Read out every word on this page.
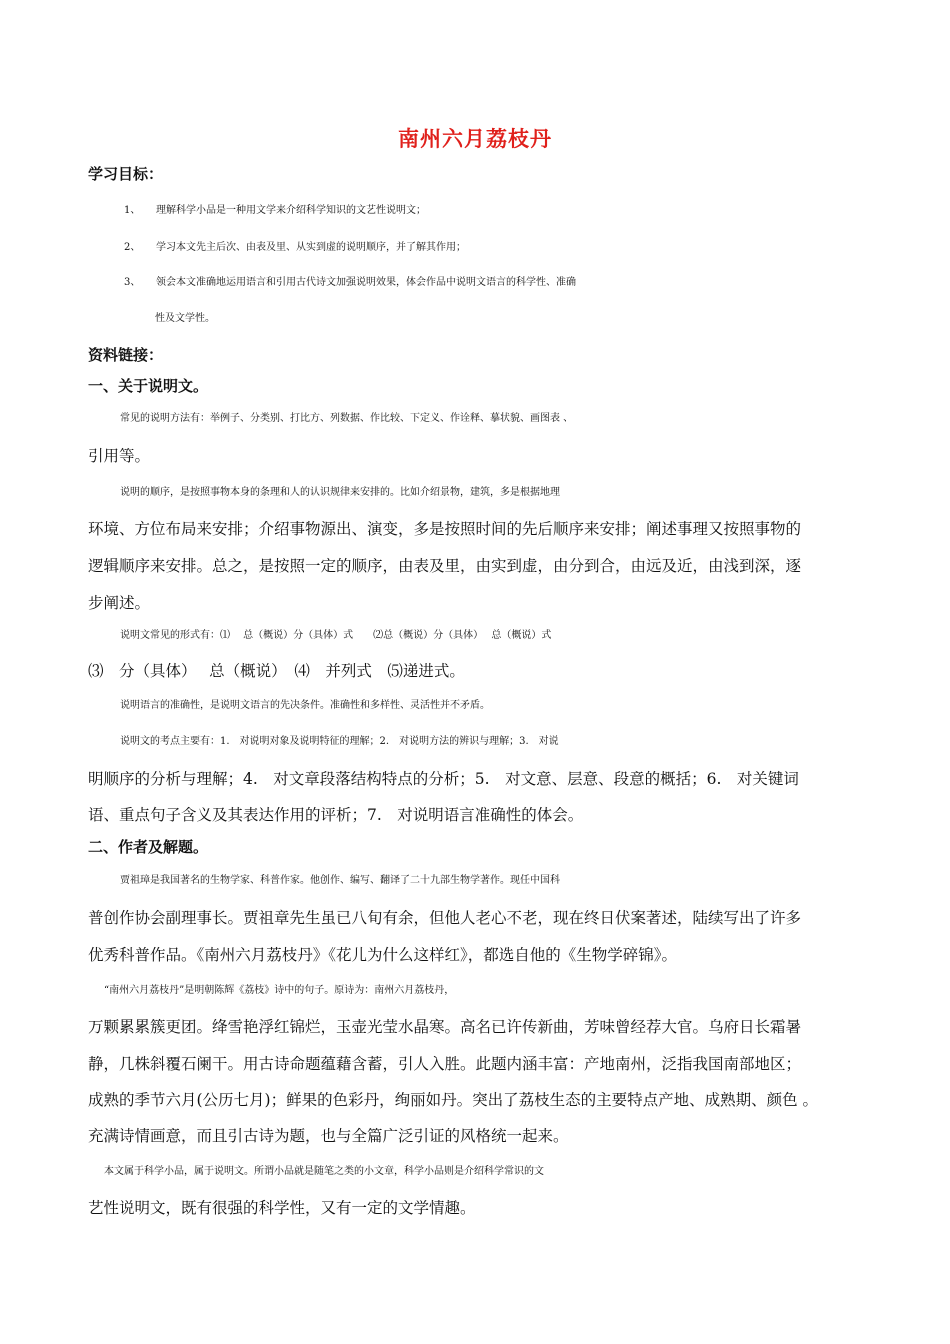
南州六月荔枝丹
学习目标：
1、 理解科学小品是一种用文学来介绍科学知识的文艺性说明文；
2、 学习本文先主后次、由表及里、从实到虚的说明顺序，并了解其作用；
3、 领会本文准确地运用语言和引用古代诗文加强说明效果，体会作品中说明文语言的科学性、准确
性及文学性。
资料链接：
一、关于说明文。
常见的说明方法有：举例子、分类别、打比方、列数据、作比较、下定义、作诠释、摹状貌、画图表 、
引用等。
说明的顺序，是按照事物本身的条理和人的认识规律来安排的。比如介绍景物，建筑，多是根据地理
环境、方位布局来安排；介绍事物源出、演变，多是按照时间的先后顺序来安排；阐述事理又按照事物的
逻辑顺序来安排。总之，是按照一定的顺序，由表及里，由实到虚，由分到合，由远及近，由浅到深，逐
步阐述。
说明文常见的形式有：⑴　 总（概说）分（具体）式　　⑵总（概说）分（具体）　 总（概说）式
⑶　分（具体）　 总（概说）　⑷　并列式　⑸递进式。
说明语言的准确性，是说明文语言的先决条件。准确性和多样性、灵活性并不矛盾。
说明文的考点主要有：1.　对说明对象及说明特征的理解；2.　对说明方法的辨识与理解；3.　对说
明顺序的分析与理解；4.　对文章段落结构特点的分析；5.　对文意、层意、段意的概括；6.　对关键词
语、重点句子含义及其表达作用的评析；7.　对说明语言准确性的体会。
二、作者及解题。
贾祖璋是我国著名的生物学家、科普作家。他创作、编写、翻译了二十九部生物学著作。现任中国科
普创作协会副理事长。贾祖章先生虽已八旬有余，但他人老心不老，现在终日伏案著述，陆续写出了许多
优秀科普作品。《南州六月荔枝丹》《花儿为什么这样红》，都选自他的《生物学碎锦》。
“南州六月荔枝丹”是明朝陈辉《荔枝》诗中的句子。原诗为：南州六月荔枝丹，
万颗累累簇更团。绛雪艳浮红锦烂，玉壶光莹水晶寒。高名已许传新曲，芳味曾经荐大官。乌府日长霜暑
静，几株斜覆石阑干。用古诗命题蕴藉含蓄，引人入胜。此题内涵丰富：产地南州，泛指我国南部地区；
成熟的季节六月(公历七月)；鲜果的色彩丹，绚丽如丹。突出了荔枝生态的主要特点产地、成熟期、颜色 。
充满诗情画意，而且引古诗为题，也与全篇广泛引证的风格统一起来。
本文属于科学小品，属于说明文。所谓小品就是随笔之类的小文章，科学小品则是介绍科学常识的文
艺性说明文，既有很强的科学性，又有一定的文学情趣。
